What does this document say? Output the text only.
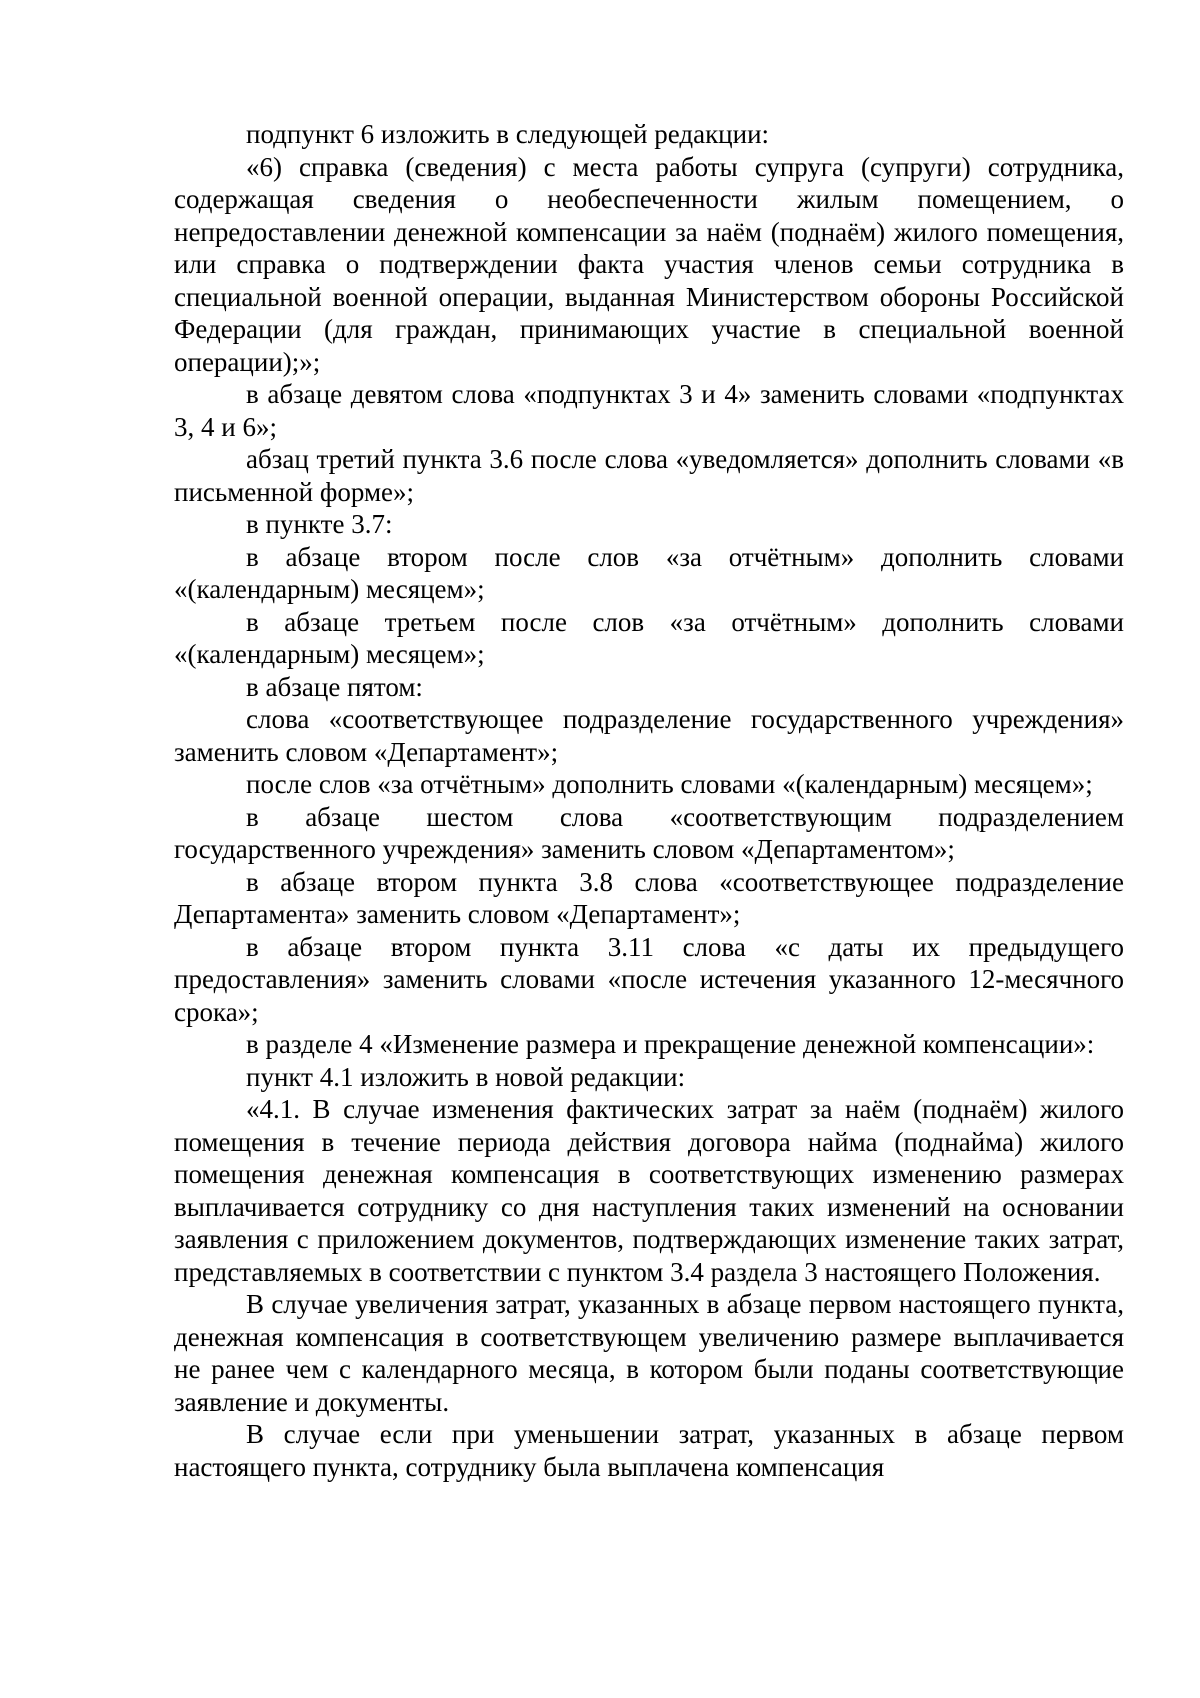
подпункт 6 изложить в следующей редакции:

«6) справка (сведения) с места работы супруга (супруги) сотрудника, содержащая сведения о необеспеченности жилым помещением, о непредоставлении денежной компенсации за наём (поднаём) жилого помещения, или справка о подтверждении факта участия членов семьи сотрудника в специальной военной операции, выданная Министерством обороны Российской Федерации (для граждан, принимающих участие в специальной военной операции);»;

в абзаце девятом слова «подпунктах 3 и 4» заменить словами «подпунктах 3, 4 и 6»;

абзац третий пункта 3.6 после слова «уведомляется» дополнить словами «в письменной форме»;

в пункте 3.7:

в абзаце втором после слов «за отчётным» дополнить словами «(календарным) месяцем»;

в абзаце третьем после слов «за отчётным» дополнить словами «(календарным) месяцем»;

в абзаце пятом:

слова «соответствующее подразделение государственного учреждения» заменить словом «Департамент»;

после слов «за отчётным» дополнить словами «(календарным) месяцем»;

в абзаце шестом слова «соответствующим подразделением государственного учреждения» заменить словом «Департаментом»;

в абзаце втором пункта 3.8 слова «соответствующее подразделение Департамента» заменить словом «Департамент»;

в абзаце втором пункта 3.11 слова «с даты их предыдущего предоставления» заменить словами «после истечения указанного 12-месячного срока»;

в разделе 4 «Изменение размера и прекращение денежной компенсации»:

пункт 4.1 изложить в новой редакции:

«4.1. В случае изменения фактических затрат за наём (поднаём) жилого помещения в течение периода действия договора найма (поднайма) жилого помещения денежная компенсация в соответствующих изменению размерах выплачивается сотруднику со дня наступления таких изменений на основании заявления с приложением документов, подтверждающих изменение таких затрат, представляемых в соответствии с пунктом 3.4 раздела 3 настоящего Положения.

В случае увеличения затрат, указанных в абзаце первом настоящего пункта, денежная компенсация в соответствующем увеличению размере выплачивается не ранее чем с календарного месяца, в котором были поданы соответствующие заявление и документы.

В случае если при уменьшении затрат, указанных в абзаце первом настоящего пункта, сотруднику была выплачена компенсация
